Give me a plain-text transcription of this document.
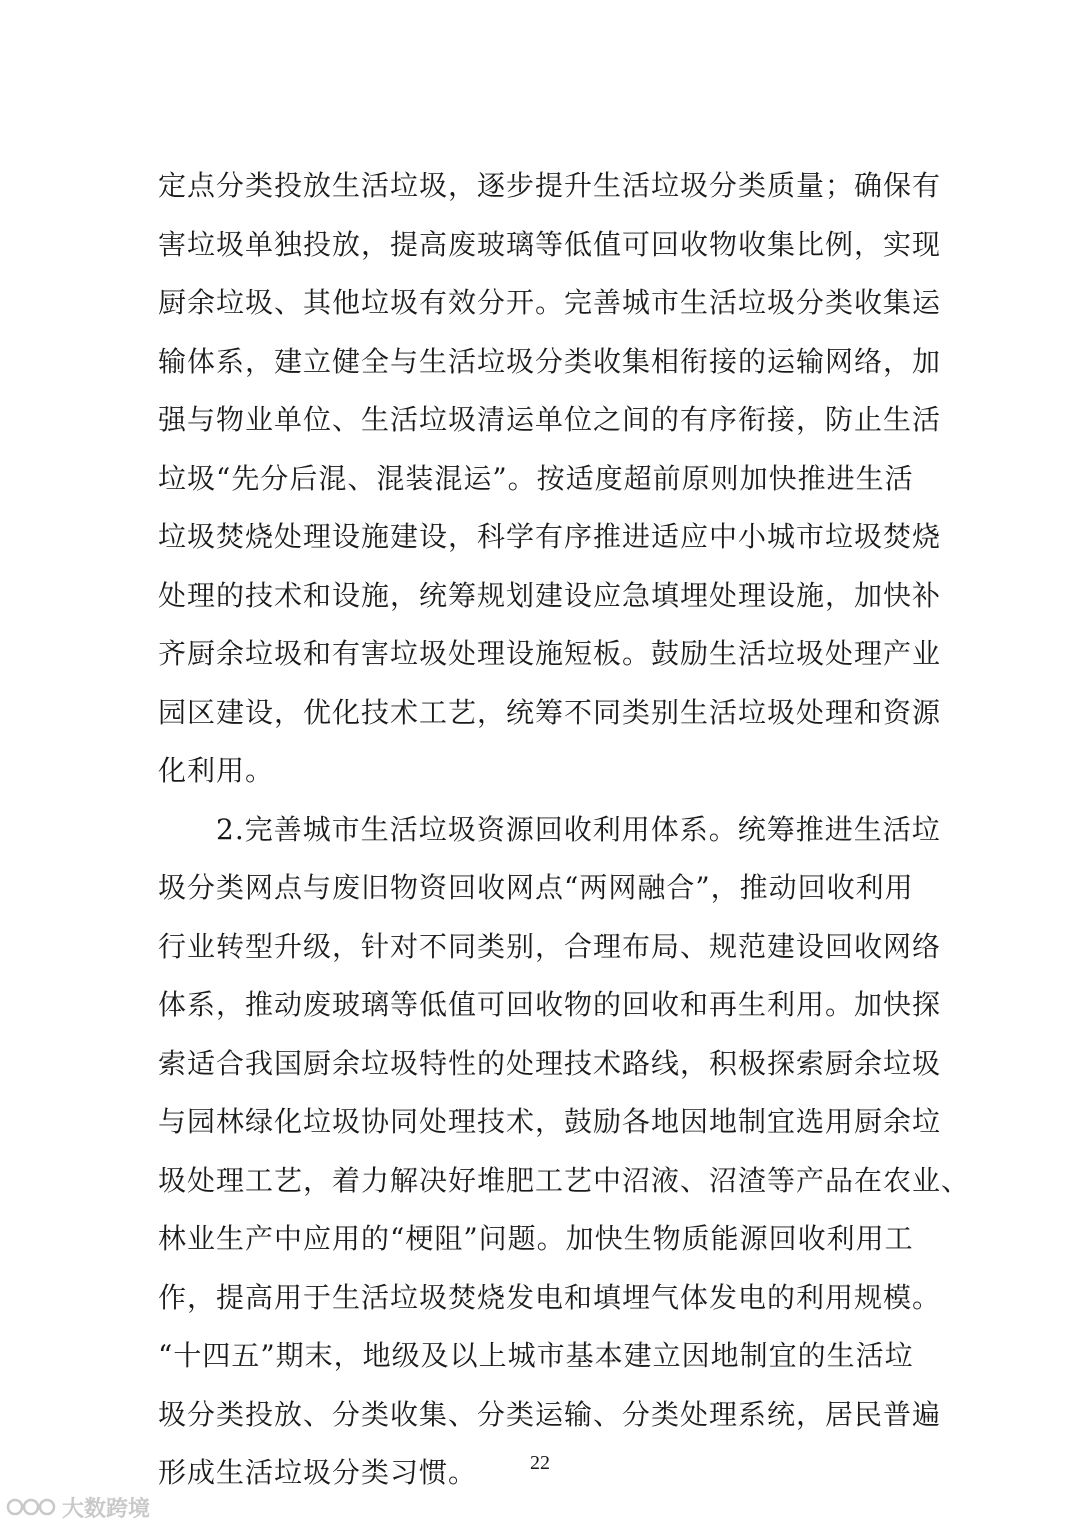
定点分类投放生活垃圾，逐步提升生活垃圾分类质量；确保有
害垃圾单独投放，提高废玻璃等低值可回收物收集比例，实现
厨余垃圾、其他垃圾有效分开。完善城市生活垃圾分类收集运
输体系，建立健全与生活垃圾分类收集相衔接的运输网络，加
强与物业单位、生活垃圾清运单位之间的有序衔接，防止生活
垃圾“先分后混、混装混运”。按适度超前原则加快推进生活
垃圾焚烧处理设施建设，科学有序推进适应中小城市垃圾焚烧
处理的技术和设施，统筹规划建设应急填埋处理设施，加快补
齐厨余垃圾和有害垃圾处理设施短板。鼓励生活垃圾处理产业
园区建设，优化技术工艺，统筹不同类别生活垃圾处理和资源
化利用。
　　2.完善城市生活垃圾资源回收利用体系。统筹推进生活垃
圾分类网点与废旧物资回收网点“两网融合”，推动回收利用
行业转型升级，针对不同类别，合理布局、规范建设回收网络
体系，推动废玻璃等低值可回收物的回收和再生利用。加快探
索适合我国厨余垃圾特性的处理技术路线，积极探索厨余垃圾
与园林绿化垃圾协同处理技术，鼓励各地因地制宜选用厨余垃
圾处理工艺，着力解决好堆肥工艺中沼液、沼渣等产品在农业、
林业生产中应用的“梗阻”问题。加快生物质能源回收利用工
作，提高用于生活垃圾焚烧发电和填埋气体发电的利用规模。
“十四五”期末，地级及以上城市基本建立因地制宜的生活垃
圾分类投放、分类收集、分类运输、分类处理系统，居民普遍
形成生活垃圾分类习惯。	22
大数跨境
